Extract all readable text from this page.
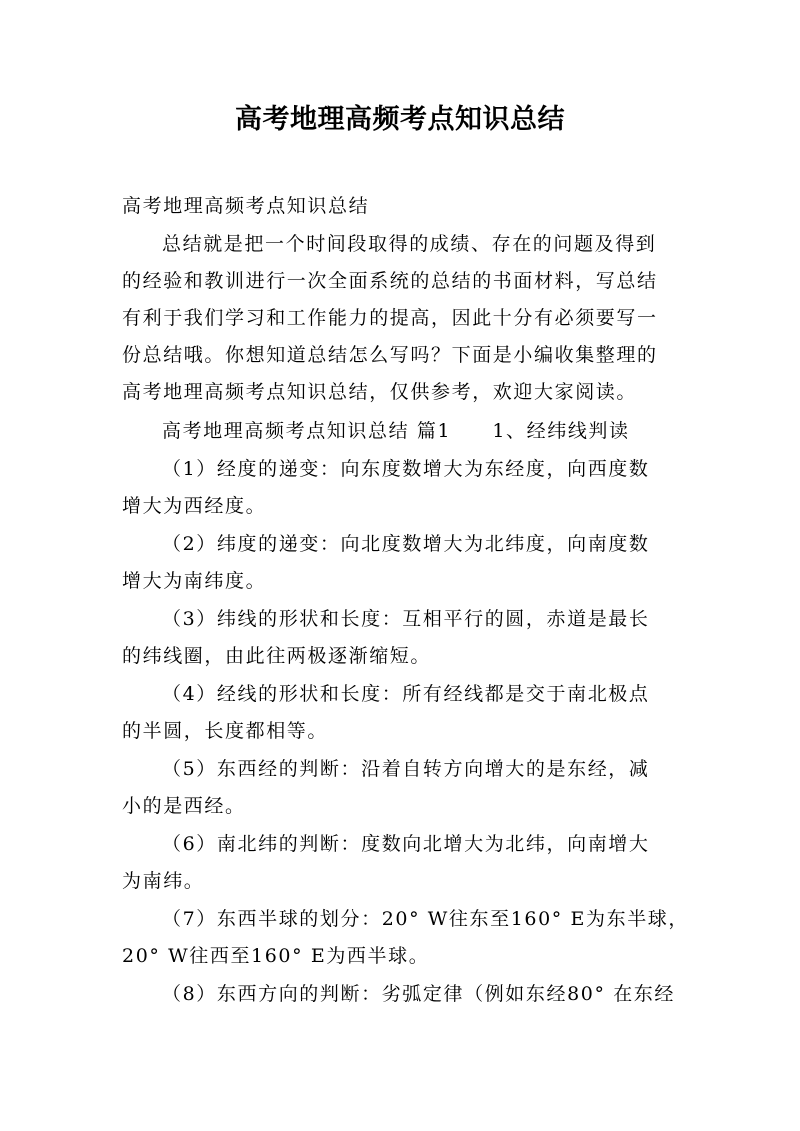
高考地理高频考点知识总结
高考地理高频考点知识总结
总结就是把一个时间段取得的成绩、存在的问题及得到
的经验和教训进行一次全面系统的总结的书面材料，写总结
有利于我们学习和工作能力的提高，因此十分有必须要写一
份总结哦。你想知道总结怎么写吗？下面是小编收集整理的
高考地理高频考点知识总结，仅供参考，欢迎大家阅读。
高考地理高频考点知识总结 篇1　　1、经纬线判读
（1）经度的递变：向东度数增大为东经度，向西度数
增大为西经度。
（2）纬度的递变：向北度数增大为北纬度，向南度数
增大为南纬度。
（3）纬线的形状和长度：互相平行的圆，赤道是最长
的纬线圈，由此往两极逐渐缩短。
（4）经线的形状和长度：所有经线都是交于南北极点
的半圆，长度都相等。
（5）东西经的判断：沿着自转方向增大的是东经，减
小的是西经。
（6）南北纬的判断：度数向北增大为北纬，向南增大
为南纬。
（7）东西半球的划分：20° W往东至160° E为东半球，
20° W往西至160° E为西半球。
（8）东西方向的判断：劣弧定律（例如东经80° 在东经
